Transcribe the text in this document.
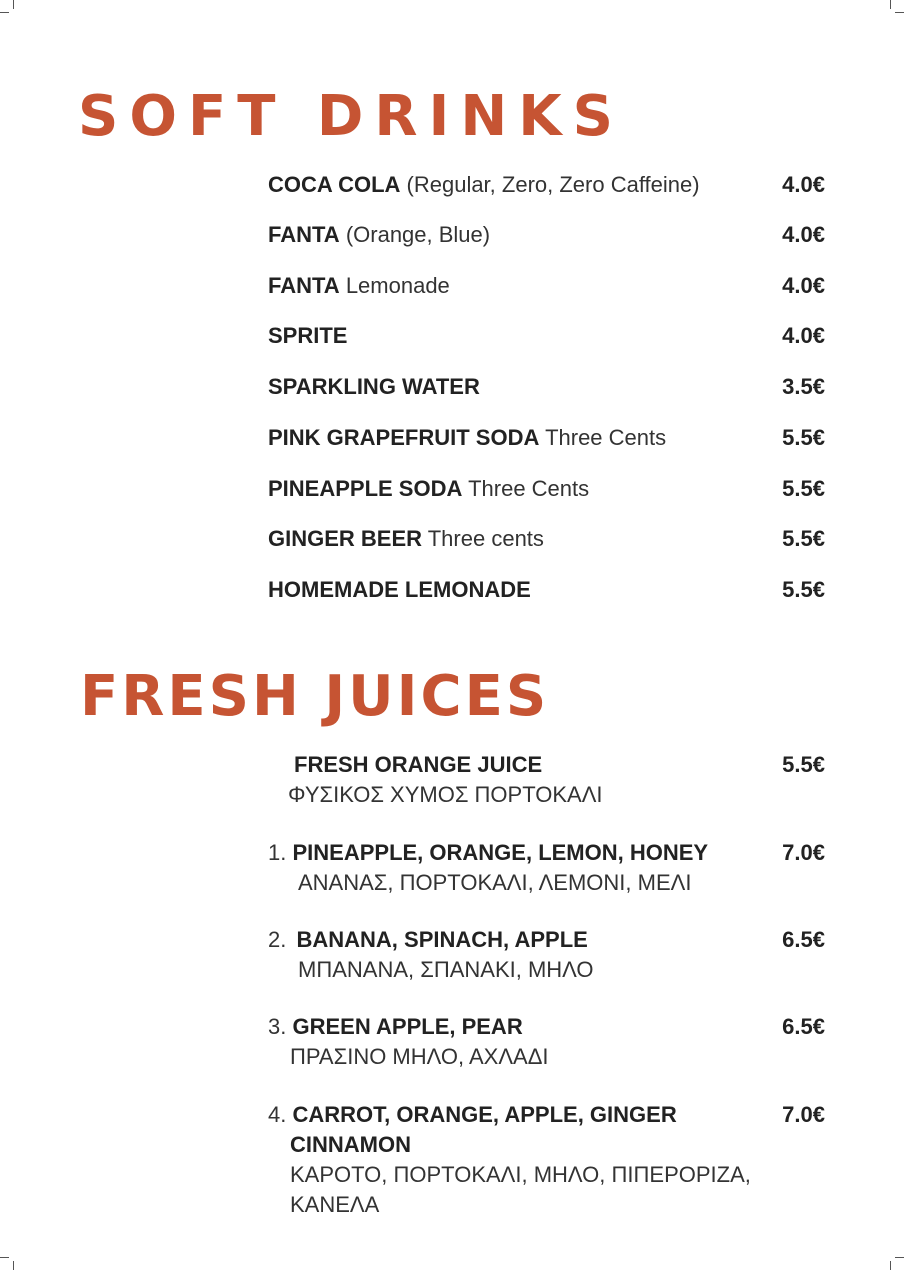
SOFT DRINKS
COCA COLA (Regular, Zero, Zero Caffeine)	4.0€
FANTA (Orange, Blue)	4.0€
FANTA Lemonade	4.0€
SPRITE	4.0€
SPARKLING WATER	3.5€
PINK GRAPEFRUIT SODA Three Cents	5.5€
PINEAPPLE SODA Three Cents	5.5€
GINGER BEER Three cents	5.5€
HOMEMADE LEMONADE	5.5€
FRESH JUICES
FRESH ORANGE JUICE	5.5€
ΦΥΣΙΚΟΣ ΧΥΜΟΣ ΠΟΡΤΟΚΑΛΙ
1. PINEAPPLE, ORANGE, LEMON, HONEY	7.0€
ΑΝΑΝΑΣ, ΠΟΡΤΟΚΑΛΙ, ΛΕΜΟΝΙ, ΜΕΛΙ
2. BANANA, SPINACH, APPLE	6.5€
ΜΠΑΝΑΝΑ, ΣΠΑΝΑΚΙ, ΜΗΛΟ
3. GREEN APPLE, PEAR	6.5€
ΠΡΑΣΙΝΟ ΜΗΛΟ, ΑΧΛΑΔΙ
4. CARROT, ORANGE, APPLE, GINGER	7.0€
CINNAMON
ΚΑΡΟΤΟ, ΠΟΡΤΟΚΑΛΙ, ΜΗΛΟ, ΠΙΠΕΡΟΡΙΖΑ,
ΚΑΝΕΛΑ
